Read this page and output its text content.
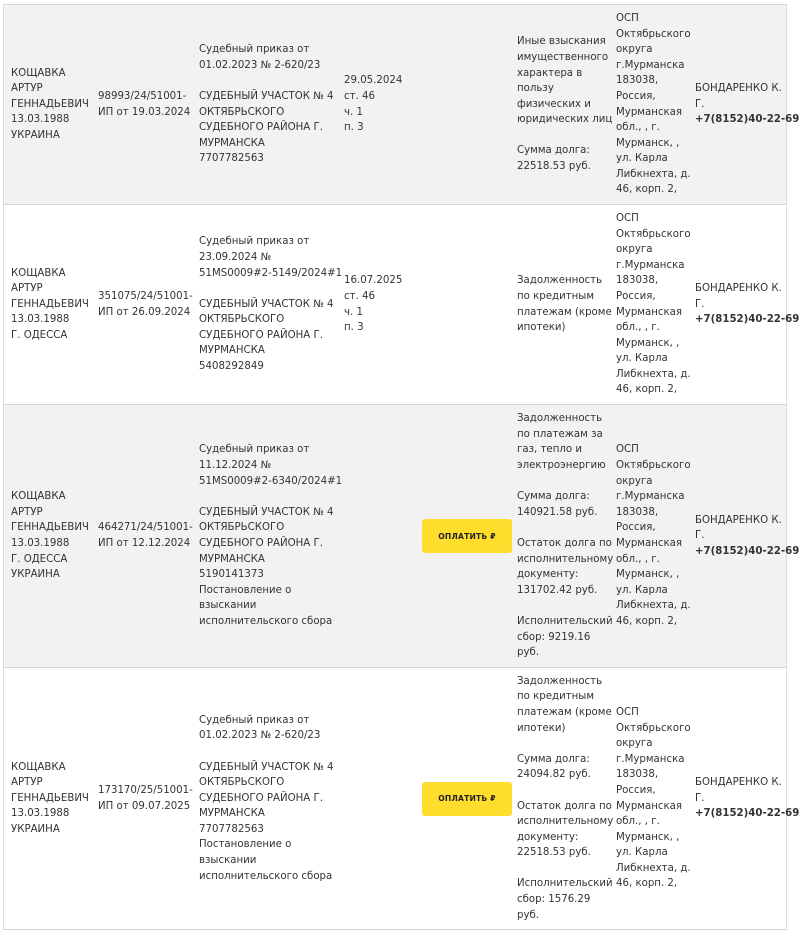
КОЩАВКА
АРТУР
ГЕННАДЬЕВИЧ
13.03.1988
УКРАИНА
98993/24/51001-
ИП от 19.03.2024
Судебный приказ от
01.02.2023 № 2-620/23
СУДЕБНЫЙ УЧАСТОК № 4
ОКТЯБРЬСКОГО
СУДЕБНОГО РАЙОНА Г.
МУРМАНСКА
7707782563
29.05.2024
ст. 46
ч. 1
п. 3
Иные взыскания
имущественного
характера в
пользу
физических и
юридических лиц
Сумма долга:
22518.53 руб.
ОСП
Октябрьского
округа
г.Мурманска
183038,
Россия,
Мурманская
обл., , г.
Мурманск, ,
ул. Карла
Либкнехта, д.
46, корп. 2,
БОНДАРЕНКО К.
Г.
+7(8152)40-22-69
КОЩАВКА
АРТУР
ГЕННАДЬЕВИЧ
13.03.1988
Г. ОДЕССА
351075/24/51001-
ИП от 26.09.2024
Судебный приказ от
23.09.2024 №
51MS0009#2-5149/2024#1
СУДЕБНЫЙ УЧАСТОК № 4
ОКТЯБРЬСКОГО
СУДЕБНОГО РАЙОНА Г.
МУРМАНСКА
5408292849
16.07.2025
ст. 46
ч. 1
п. 3
Задолженность
по кредитным
платежам (кроме
ипотеки)
ОСП
Октябрьского
округа
г.Мурманска
183038,
Россия,
Мурманская
обл., , г.
Мурманск, ,
ул. Карла
Либкнехта, д.
46, корп. 2,
БОНДАРЕНКО К.
Г.
+7(8152)40-22-69
КОЩАВКА
АРТУР
ГЕННАДЬЕВИЧ
13.03.1988
Г. ОДЕССА
УКРАИНА
464271/24/51001-
ИП от 12.12.2024
Судебный приказ от
11.12.2024 №
51MS0009#2-6340/2024#1
СУДЕБНЫЙ УЧАСТОК № 4
ОКТЯБРЬСКОГО
СУДЕБНОГО РАЙОНА Г.
МУРМАНСКА
5190141373
Постановление о
взыскании
исполнительского сбора
ОПЛАТИТЬ ₽
Задолженность
по платежам за
газ, тепло и
электроэнергию
Сумма долга:
140921.58 руб.
Остаток долга по
исполнительному
документу:
131702.42 руб.
Исполнительский
сбор: 9219.16
руб.
ОСП
Октябрьского
округа
г.Мурманска
183038,
Россия,
Мурманская
обл., , г.
Мурманск, ,
ул. Карла
Либкнехта, д.
46, корп. 2,
БОНДАРЕНКО К.
Г.
+7(8152)40-22-69
КОЩАВКА
АРТУР
ГЕННАДЬЕВИЧ
13.03.1988
УКРАИНА
173170/25/51001-
ИП от 09.07.2025
Судебный приказ от
01.02.2023 № 2-620/23
СУДЕБНЫЙ УЧАСТОК № 4
ОКТЯБРЬСКОГО
СУДЕБНОГО РАЙОНА Г.
МУРМАНСКА
7707782563
Постановление о
взыскании
исполнительского сбора
ОПЛАТИТЬ ₽
Задолженность
по кредитным
платежам (кроме
ипотеки)
Сумма долга:
24094.82 руб.
Остаток долга по
исполнительному
документу:
22518.53 руб.
Исполнительский
сбор: 1576.29
руб.
ОСП
Октябрьского
округа
г.Мурманска
183038,
Россия,
Мурманская
обл., , г.
Мурманск, ,
ул. Карла
Либкнехта, д.
46, корп. 2,
БОНДАРЕНКО К.
Г.
+7(8152)40-22-69
